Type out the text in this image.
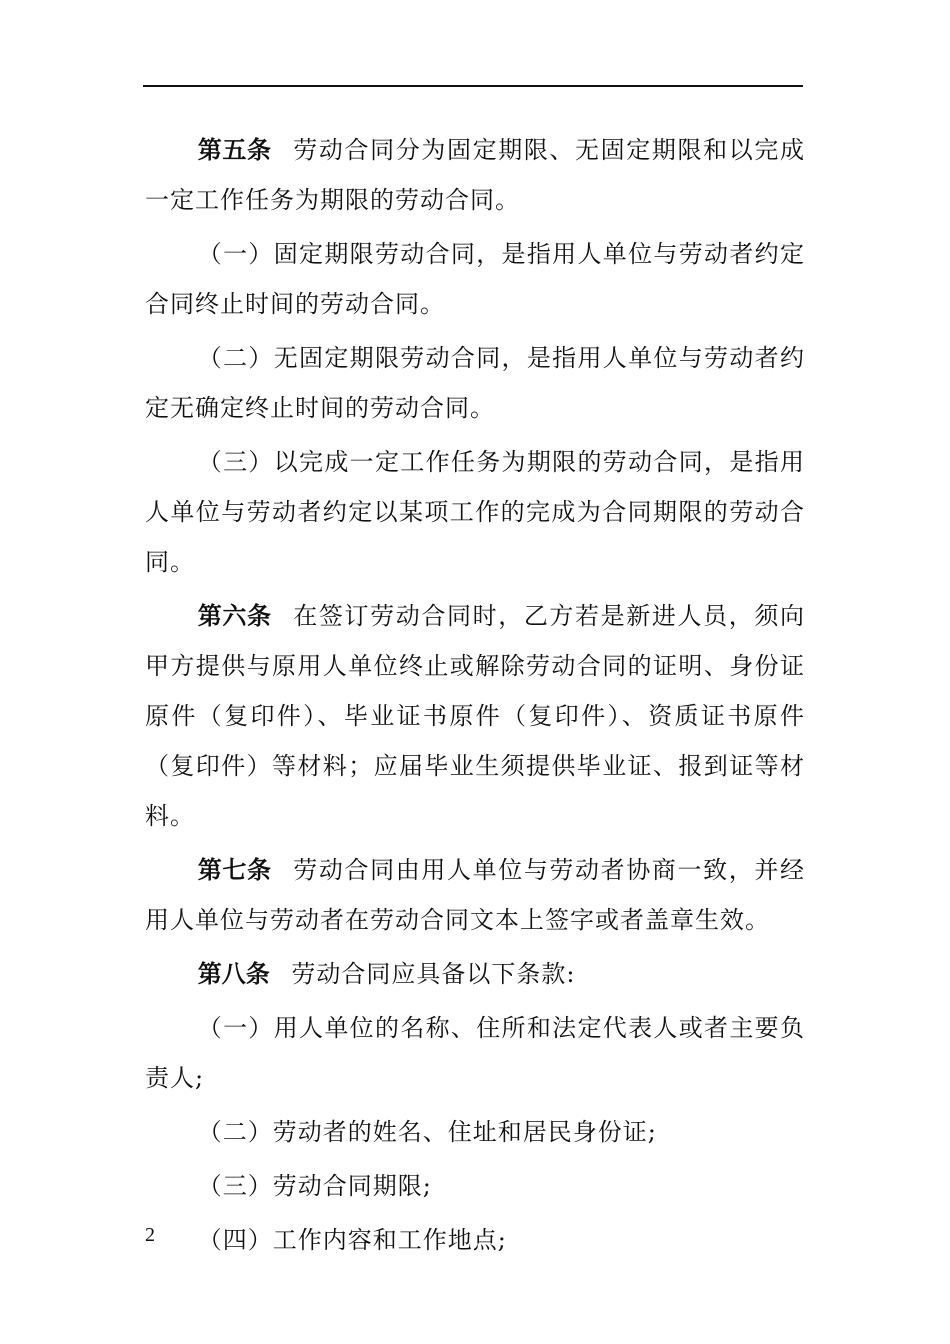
第五条 劳动合同分为固定期限、无固定期限和以完成一定工作任务为期限的劳动合同。

（一）固定期限劳动合同，是指用人单位与劳动者约定合同终止时间的劳动合同。

（二）无固定期限劳动合同，是指用人单位与劳动者约定无确定终止时间的劳动合同。

（三）以完成一定工作任务为期限的劳动合同，是指用人单位与劳动者约定以某项工作的完成为合同期限的劳动合同。

第六条 在签订劳动合同时，乙方若是新进人员，须向甲方提供与原用人单位终止或解除劳动合同的证明、身份证原件（复印件）、毕业证书原件（复印件）、资质证书原件（复印件）等材料；应届毕业生须提供毕业证、报到证等材料。

第七条 劳动合同由用人单位与劳动者协商一致，并经用人单位与劳动者在劳动合同文本上签字或者盖章生效。

第八条 劳动合同应具备以下条款:

（一）用人单位的名称、住所和法定代表人或者主要负责人;

（二）劳动者的姓名、住址和居民身份证;

（三）劳动合同期限;

（四）工作内容和工作地点;

2
